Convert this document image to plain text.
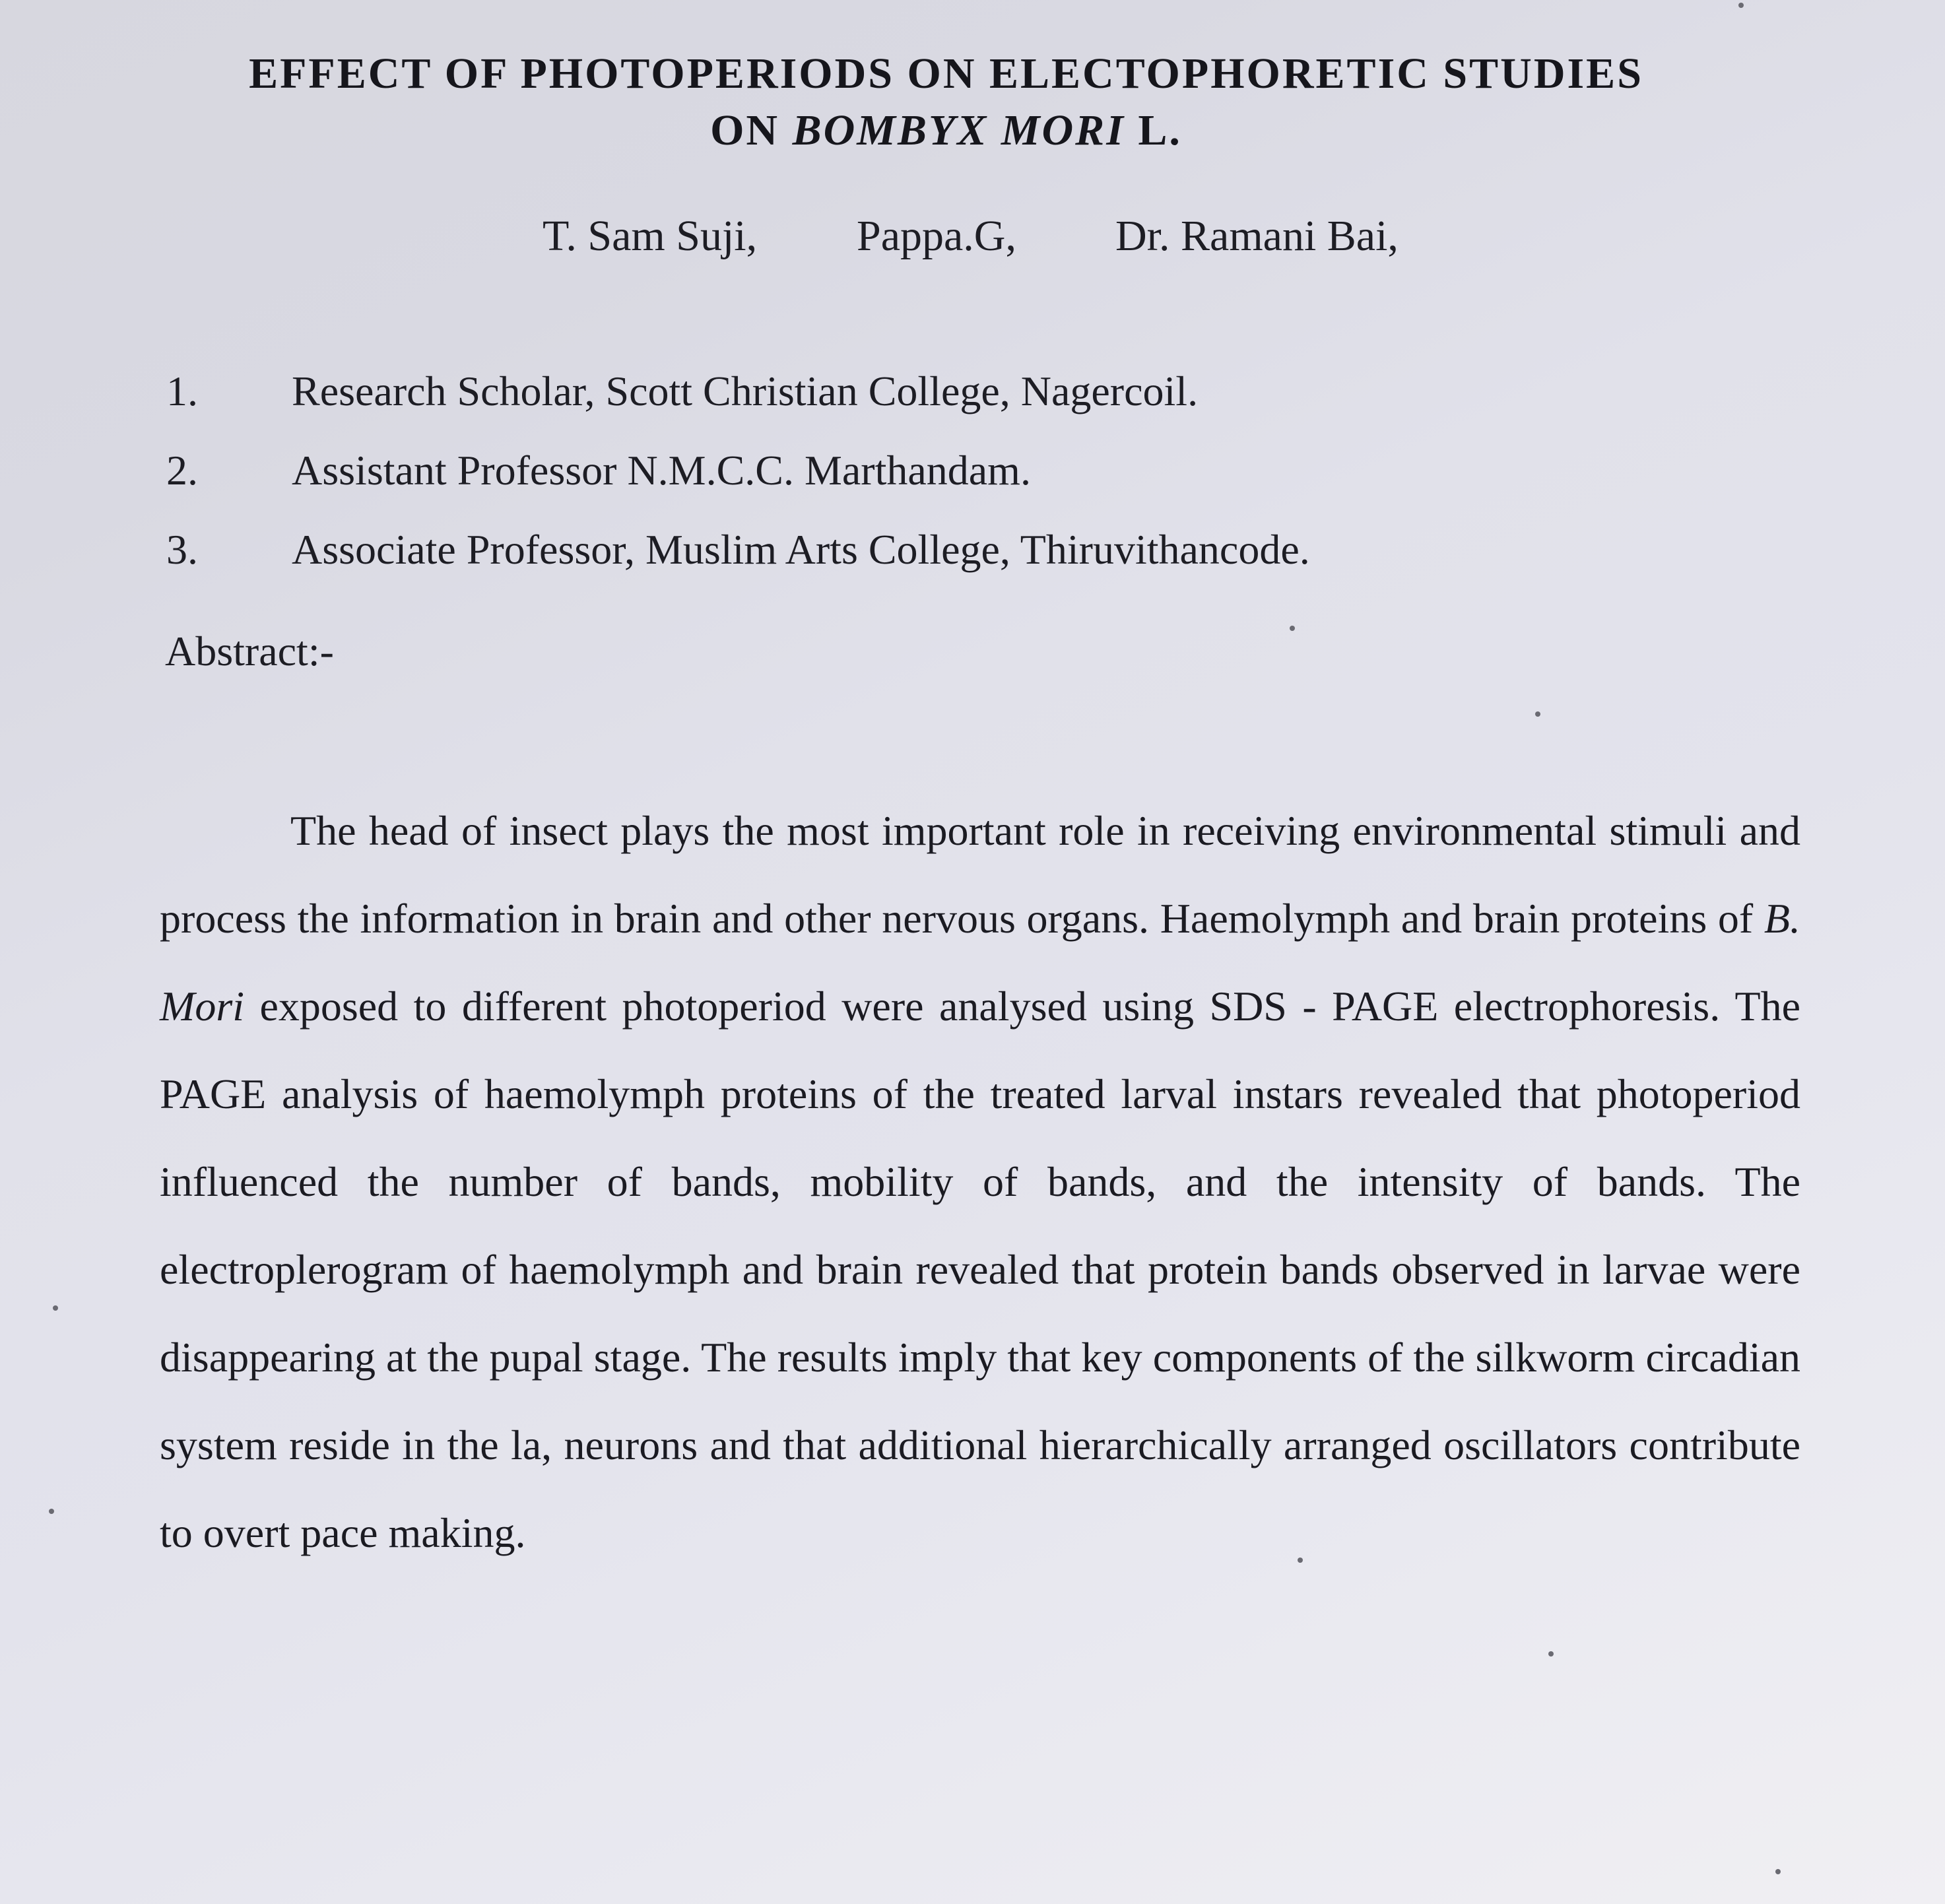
EFFECT OF PHOTOPERIODS ON ELECTOPHORETIC STUDIES
ON BOMBYX MORI L.
T. Sam Suji, Pappa.G, Dr. Ramani Bai,
1. Research Scholar, Scott Christian College, Nagercoil.
2. Assistant Professor N.M.C.C. Marthandam.
3. Associate Professor, Muslim Arts College, Thiruvithancode.
Abstract:-

The head of insect plays the most important role in receiving environmental stimuli and process the information in brain and other nervous organs. Haemolymph and brain proteins of B. Mori exposed to different photoperiod were analysed using SDS - PAGE electrophoresis. The PAGE analysis of haemolymph proteins of the treated larval instars revealed that photoperiod influenced the number of bands, mobility of bands, and the intensity of bands. The electroplerogram of haemolymph and brain revealed that protein bands observed in larvae were disappearing at the pupal stage. The results imply that key components of the silkworm circadian system reside in the la, neurons and that additional hierarchically arranged oscillators contribute to overt pace making.
